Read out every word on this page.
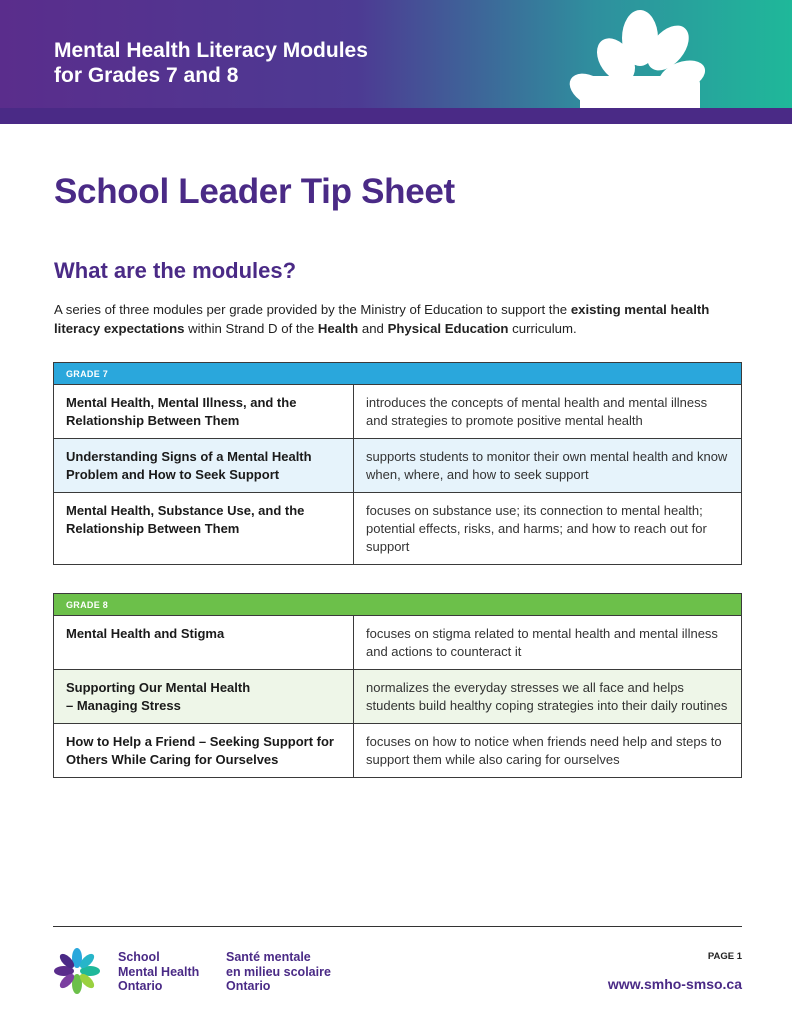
Mental Health Literacy Modules
for Grades 7 and 8
School Leader Tip Sheet
What are the modules?

A series of three modules per grade provided by the Ministry of Education to support the existing mental health literacy expectations within Strand D of the Health and Physical Education curriculum.

GRADE 7	
Mental Health, Mental Illness, and the Relationship Between Them	introduces the concepts of mental health and mental illness and strategies to promote positive mental health
Understanding Signs of a Mental Health Problem and How to Seek Support	supports students to monitor their own mental health and know when, where, and how to seek support
Mental Health, Substance Use, and the Relationship Between Them	focuses on substance use; its connection to mental health; potential effects, risks, and harms; and how to reach out for support
GRADE 8	
Mental Health and Stigma	focuses on stigma related to mental health and mental illness and actions to counteract it

Supporting Our Mental Health
– Managing Stress	normalizes the everyday stresses we all face and helps students build healthy coping strategies into their daily routines
How to Help a Friend – Seeking Support for Others While Caring for Ourselves	focuses on how to notice when friends need help and steps to support them while also caring for ourselves
School
Mental Health
Ontario
Santé mentale
en milieu scolaire
Ontario
PAGE 1
www.smho-smso.ca
